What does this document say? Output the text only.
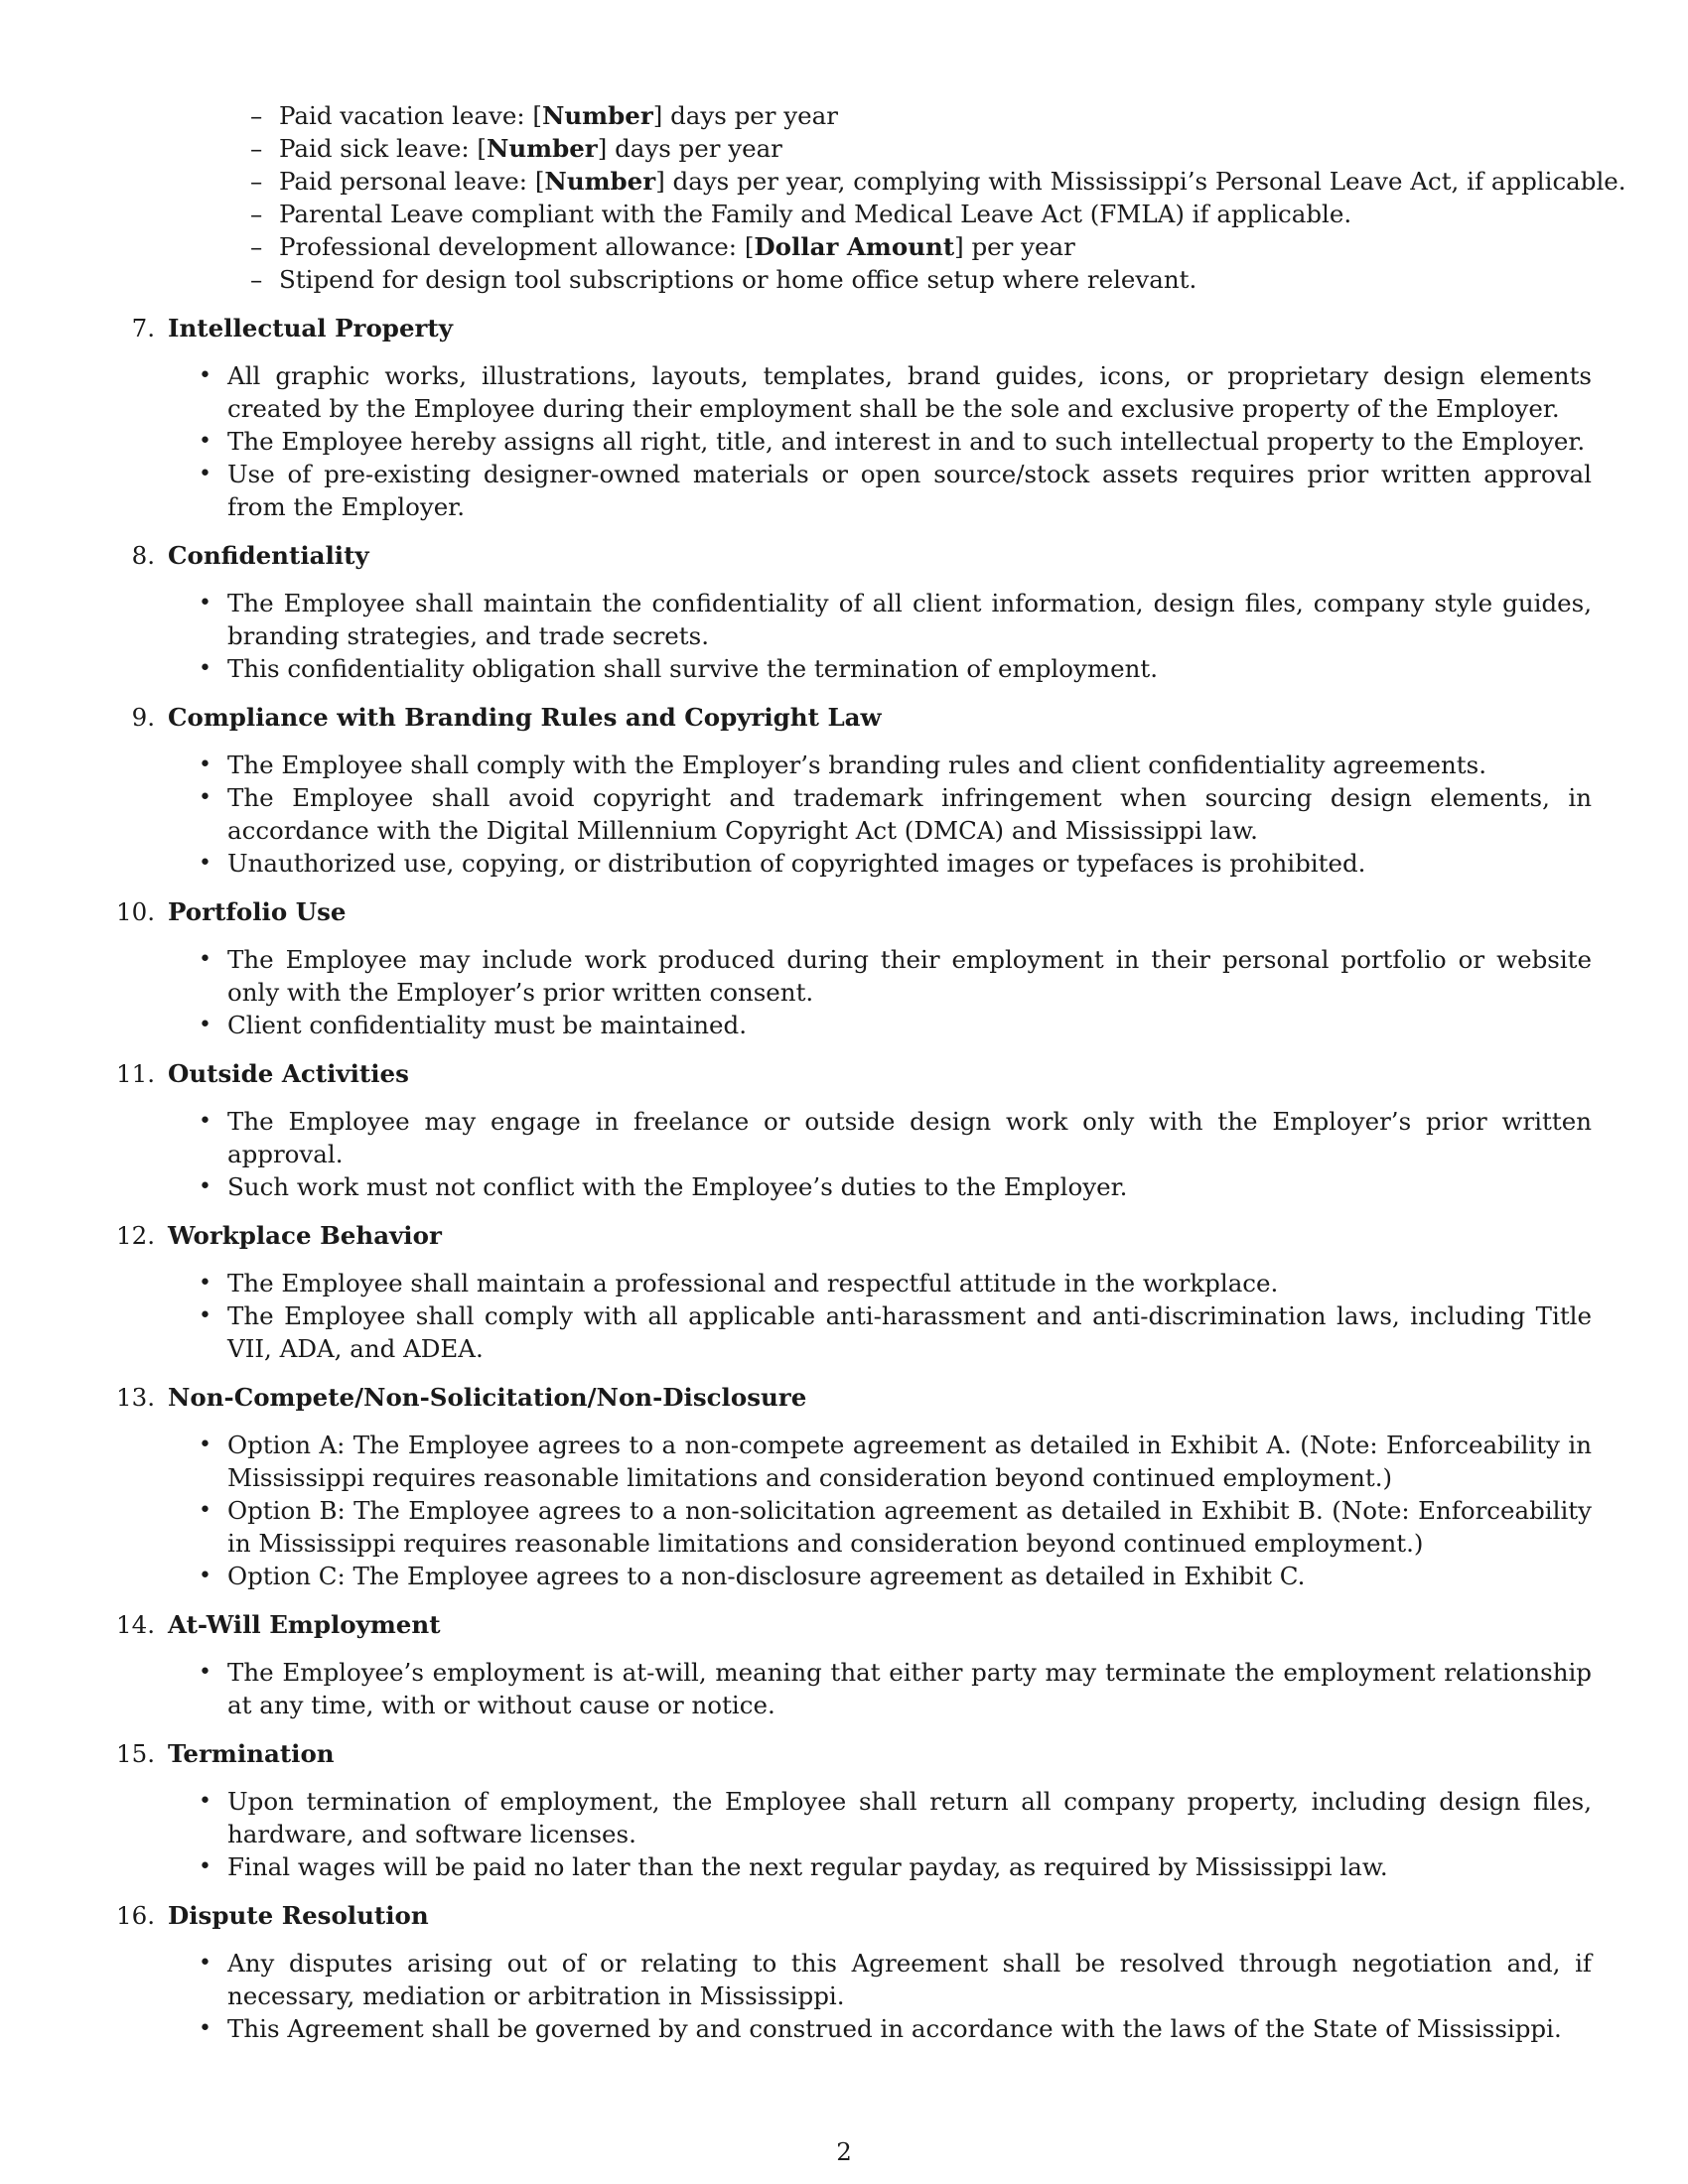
– Paid vacation leave: [Number] days per year
– Paid sick leave: [Number] days per year
– Paid personal leave: [Number] days per year, complying with Mississippi’s Personal Leave Act, if applicable.
– Parental Leave compliant with the Family and Medical Leave Act (FMLA) if applicable.
– Professional development allowance: [Dollar Amount] per year
– Stipend for design tool subscriptions or home office setup where relevant.
7. Intellectual Property
• All graphic works, illustrations, layouts, templates, brand guides, icons, or proprietary design elements created by the Employee during their employment shall be the sole and exclusive property of the Employer.
• The Employee hereby assigns all right, title, and interest in and to such intellectual property to the Employer.
• Use of pre-existing designer-owned materials or open source/stock assets requires prior written approval from the Employer.
8. Confidentiality
• The Employee shall maintain the confidentiality of all client information, design files, company style guides, branding strategies, and trade secrets.
• This confidentiality obligation shall survive the termination of employment.
9. Compliance with Branding Rules and Copyright Law
• The Employee shall comply with the Employer’s branding rules and client confidentiality agreements.
• The Employee shall avoid copyright and trademark infringement when sourcing design elements, in accordance with the Digital Millennium Copyright Act (DMCA) and Mississippi law.
• Unauthorized use, copying, or distribution of copyrighted images or typefaces is prohibited.
10. Portfolio Use
• The Employee may include work produced during their employment in their personal portfolio or website only with the Employer’s prior written consent.
• Client confidentiality must be maintained.
11. Outside Activities
• The Employee may engage in freelance or outside design work only with the Employer’s prior written approval.
• Such work must not conflict with the Employee’s duties to the Employer.
12. Workplace Behavior
• The Employee shall maintain a professional and respectful attitude in the workplace.
• The Employee shall comply with all applicable anti-harassment and anti-discrimination laws, including Title VII, ADA, and ADEA.
13. Non-Compete/Non-Solicitation/Non-Disclosure
• Option A: The Employee agrees to a non-compete agreement as detailed in Exhibit A. (Note: Enforceability in Mississippi requires reasonable limitations and consideration beyond continued employment.)
• Option B: The Employee agrees to a non-solicitation agreement as detailed in Exhibit B. (Note: Enforceability in Mississippi requires reasonable limitations and consideration beyond continued employment.)
• Option C: The Employee agrees to a non-disclosure agreement as detailed in Exhibit C.
14. At-Will Employment
• The Employee’s employment is at-will, meaning that either party may terminate the employment relationship at any time, with or without cause or notice.
15. Termination
• Upon termination of employment, the Employee shall return all company property, including design files, hardware, and software licenses.
• Final wages will be paid no later than the next regular payday, as required by Mississippi law.
16. Dispute Resolution
• Any disputes arising out of or relating to this Agreement shall be resolved through negotiation and, if necessary, mediation or arbitration in Mississippi.
• This Agreement shall be governed by and construed in accordance with the laws of the State of Mississippi.
2
